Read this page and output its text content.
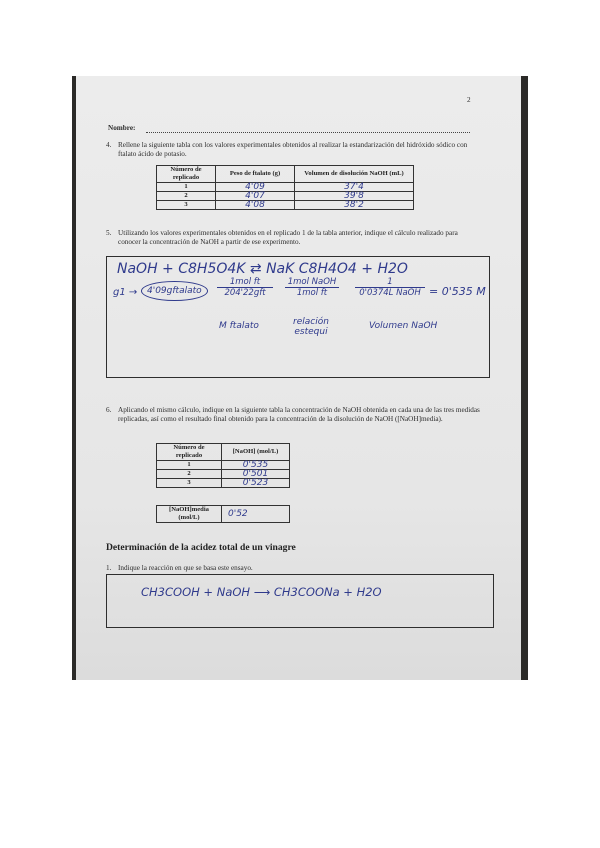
2
Nombre:
4. Rellene la siguiente tabla con los valores experimentales obtenidos al realizar la estandarización del hidróxido sódico con ftalato ácido de potasio.
Número de replicado	Peso de ftalato (g)	Volumen de disolución NaOH (mL)
1	4'09	37'4
2	4'07	39'8
3	4'08	38'2
5. Utilizando los valores experimentales obtenidos en el replicado 1 de la tabla anterior, indique el cálculo realizado para conocer la concentración de NaOH a partir de ese experimento.
NaOH + C8H5O4K ⇄ NaK C8H4O4 + H2O
g1 →	4'09gftalato
1mol ft
204'22gft
1mol NaOH
1mol ft
1
0'0374L NaOH = 0'535 M
M ftalato	relación estequi
Volumen NaOH
6. Aplicando el mismo cálculo, indique en la siguiente tabla la concentración de NaOH obtenida en cada una de las tres medidas replicadas, así como el resultado final obtenido para la concentración de la disolución de NaOH ([NaOH]media).
Número de replicado	[NaOH] (mol/L)
1	0'535
2	0'501
3	0'523
[NaOH]media (mol/L)	0'52
Determinación de la acidez total de un vinagre
1. Indique la reacción en que se basa este ensayo.
CH3COOH + NaOH ⟶ CH3COONa + H2O
